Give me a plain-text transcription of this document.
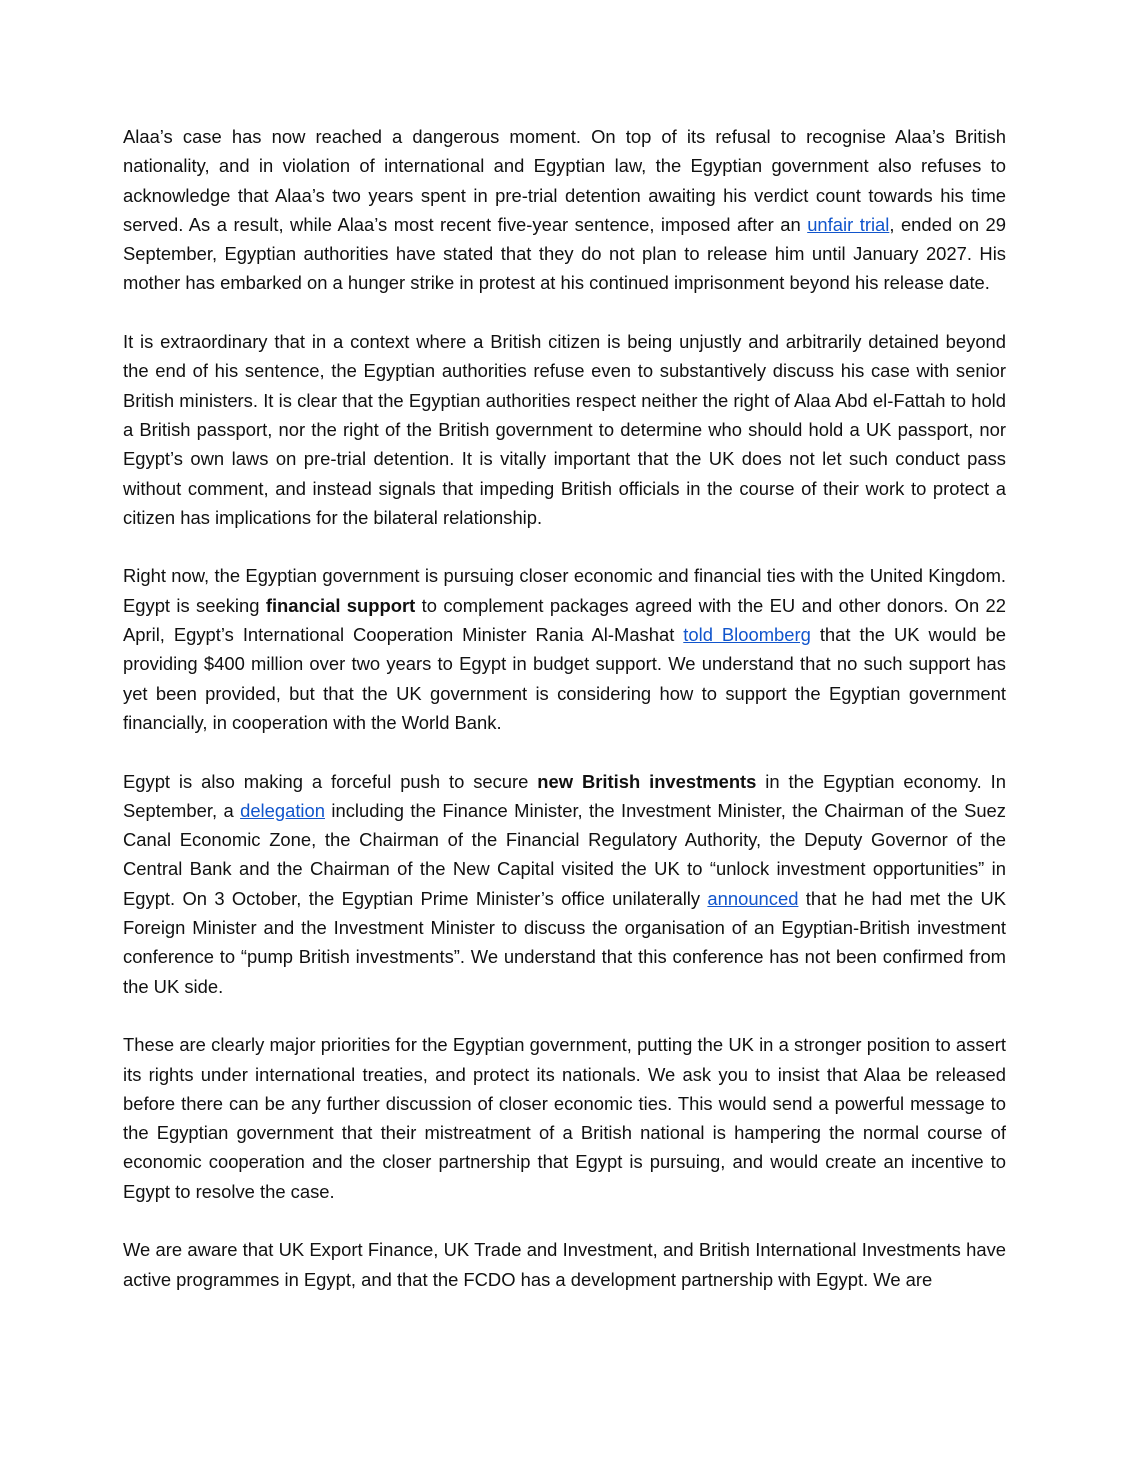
Alaa’s case has now reached a dangerous moment. On top of its refusal to recognise Alaa’s British nationality, and in violation of international and Egyptian law, the Egyptian government also refuses to acknowledge that Alaa’s two years spent in pre-trial detention awaiting his verdict count towards his time served. As a result, while Alaa’s most recent five-year sentence, imposed after an unfair trial, ended on 29 September, Egyptian authorities have stated that they do not plan to release him until January 2027. His mother has embarked on a hunger strike in protest at his continued imprisonment beyond his release date.

It is extraordinary that in a context where a British citizen is being unjustly and arbitrarily detained beyond the end of his sentence, the Egyptian authorities refuse even to substantively discuss his case with senior British ministers. It is clear that the Egyptian authorities respect neither the right of Alaa Abd el-Fattah to hold a British passport, nor the right of the British government to determine who should hold a UK passport, nor Egypt’s own laws on pre-trial detention. It is vitally important that the UK does not let such conduct pass without comment, and instead signals that impeding British officials in the course of their work to protect a citizen has implications for the bilateral relationship.

Right now, the Egyptian government is pursuing closer economic and financial ties with the United Kingdom. Egypt is seeking financial support to complement packages agreed with the EU and other donors. On 22 April, Egypt’s International Cooperation Minister Rania Al-Mashat told Bloomberg that the UK would be providing $400 million over two years to Egypt in budget support. We understand that no such support has yet been provided, but that the UK government is considering how to support the Egyptian government financially, in cooperation with the World Bank.

Egypt is also making a forceful push to secure new British investments in the Egyptian economy. In September, a delegation including the Finance Minister, the Investment Minister, the Chairman of the Suez Canal Economic Zone, the Chairman of the Financial Regulatory Authority, the Deputy Governor of the Central Bank and the Chairman of the New Capital visited the UK to “unlock investment opportunities” in Egypt. On 3 October, the Egyptian Prime Minister’s office unilaterally announced that he had met the UK Foreign Minister and the Investment Minister to discuss the organisation of an Egyptian-British investment conference to “pump British investments”. We understand that this conference has not been confirmed from the UK side.

These are clearly major priorities for the Egyptian government, putting the UK in a stronger position to assert its rights under international treaties, and protect its nationals. We ask you to insist that Alaa be released before there can be any further discussion of closer economic ties. This would send a powerful message to the Egyptian government that their mistreatment of a British national is hampering the normal course of economic cooperation and the closer partnership that Egypt is pursuing, and would create an incentive to Egypt to resolve the case.

We are aware that UK Export Finance, UK Trade and Investment, and British International Investments have active programmes in Egypt, and that the FCDO has a development partnership with Egypt. We are
